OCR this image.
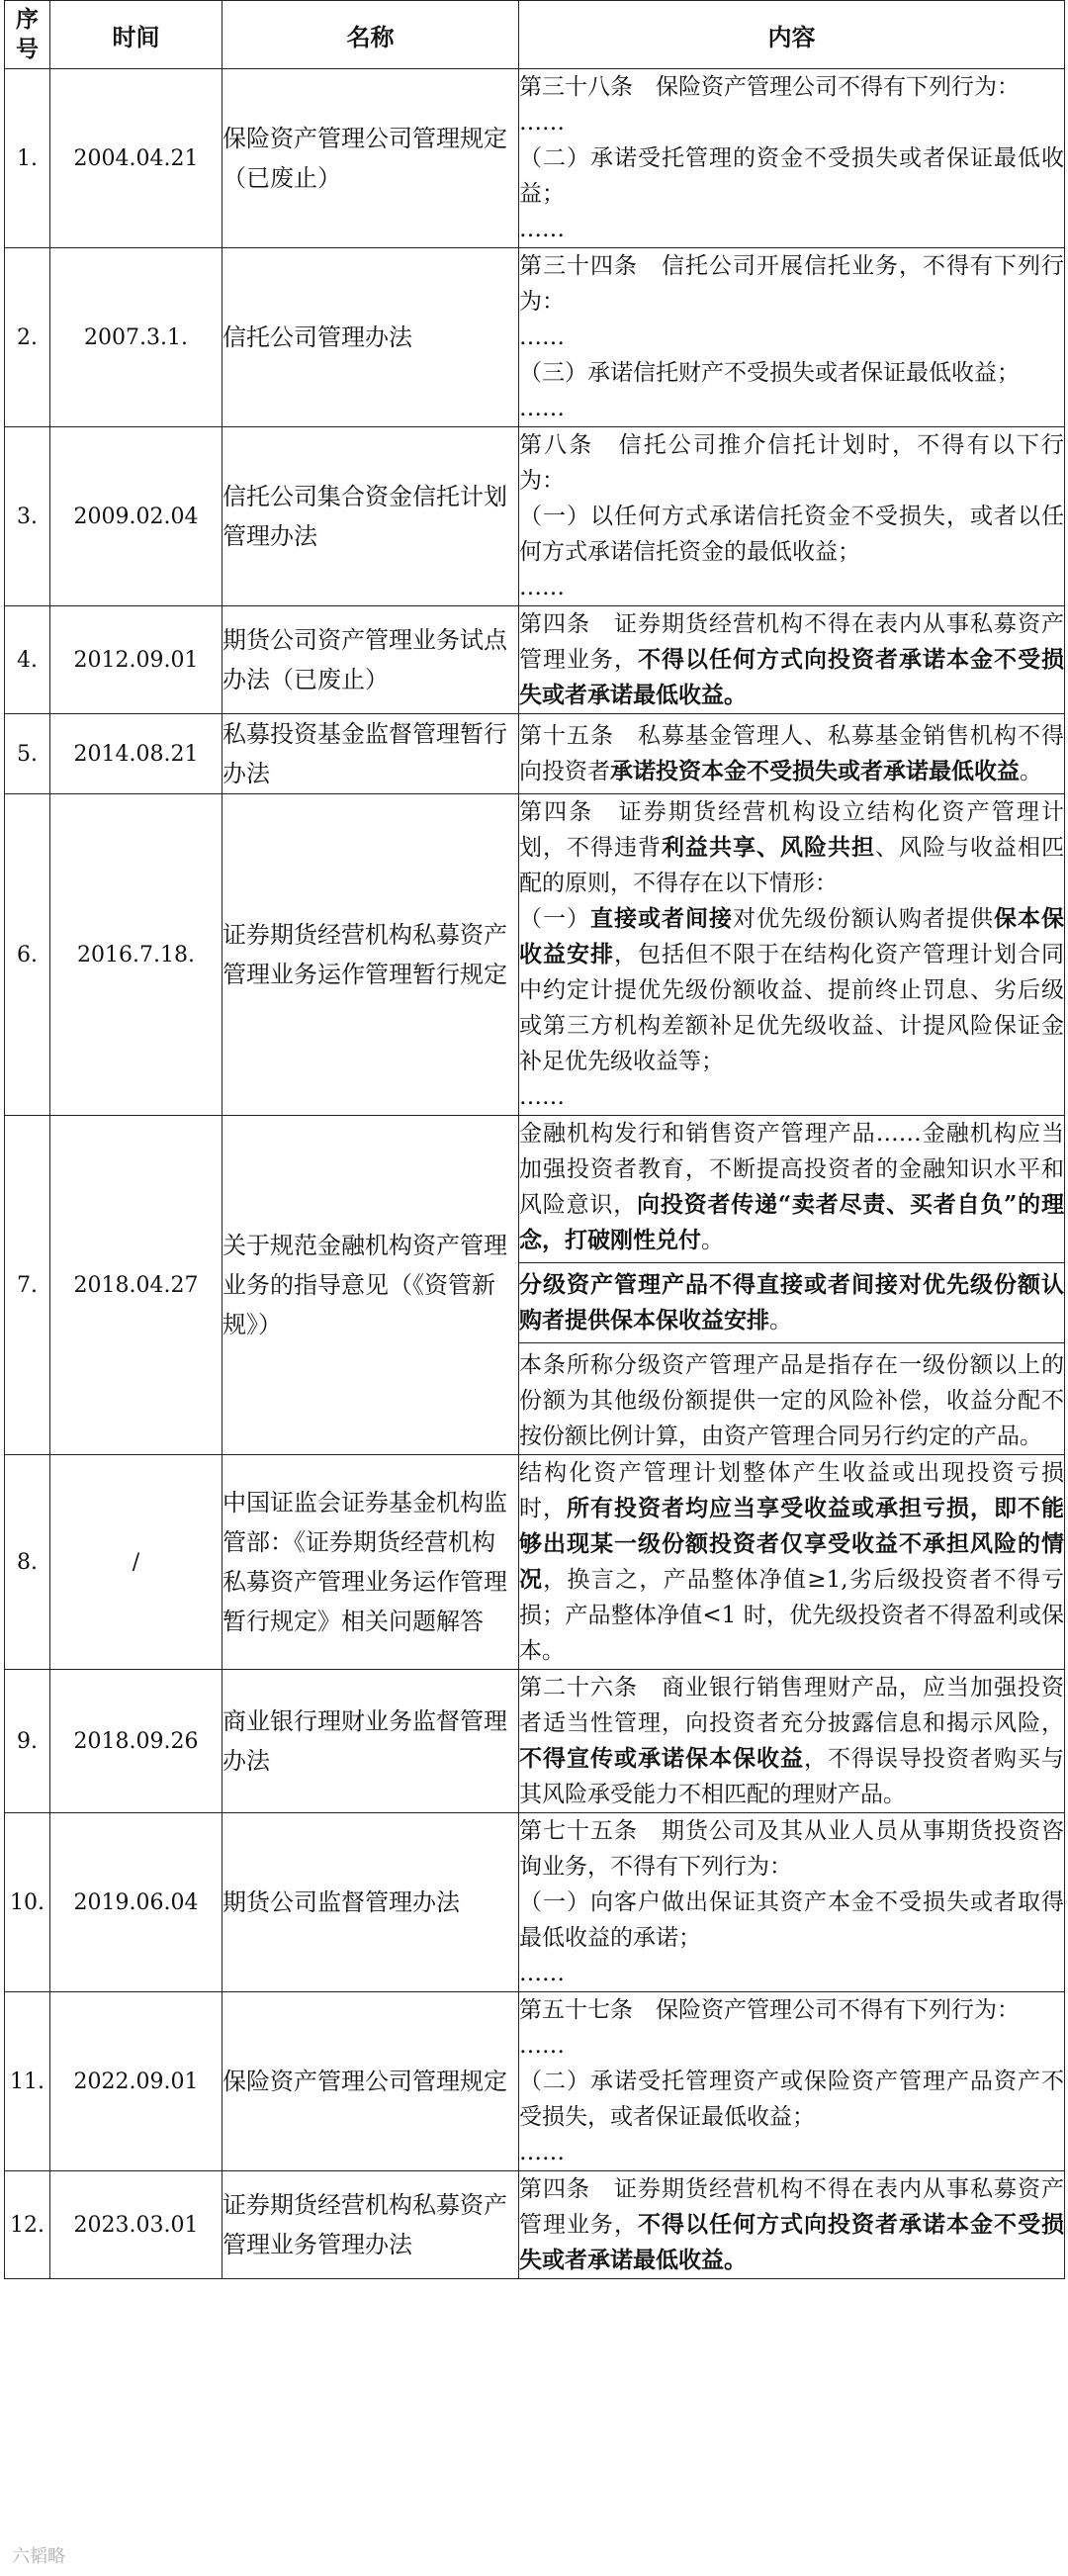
序号	时间	名称	内容
1.	2004.04.21	保险资产管理公司管理规定（已废止）	第三十八条　保险资产管理公司不得有下列行为：
……
（二）承诺受托管理的资金不受损失或者保证最低收益；
……

2.	2007.3.1.	信托公司管理办法	第三十四条　信托公司开展信托业务，不得有下列行为：
……
（三）承诺信托财产不受损失或者保证最低收益；
……

3.	2009.02.04	信托公司集合资金信托计划管理办法	第八条　信托公司推介信托计划时，不得有以下行为：
（一）以任何方式承诺信托资金不受损失，或者以任何方式承诺信托资金的最低收益；
……

4.	2012.09.01	期货公司资产管理业务试点办法（已废止）	第四条　证券期货经营机构不得在表内从事私募资产管理业务，不得以任何方式向投资者承诺本金不受损失或者承诺最低收益。

5.	2014.08.21	私募投资基金监督管理暂行办法	第十五条　私募基金管理人、私募基金销售机构不得向投资者承诺投资本金不受损失或者承诺最低收益。

6.	2016.7.18.	证券期货经营机构私募资产管理业务运作管理暂行规定	第四条　证券期货经营机构设立结构化资产管理计划，不得违背利益共享、风险共担、风险与收益相匹配的原则，不得存在以下情形：
（一）直接或者间接对优先级份额认购者提供保本保收益安排，包括但不限于在结构化资产管理计划合同中约定计提优先级份额收益、提前终止罚息、劣后级或第三方机构差额补足优先级收益、计提风险保证金补足优先级收益等；
……

7.	2018.04.27	关于规范金融机构资产管理业务的指导意见（《资管新规》）	金融机构发行和销售资产管理产品……金融机构应当加强投资者教育，不断提高投资者的金融知识水平和风险意识，向投资者传递“卖者尽责、买者自负”的理念，打破刚性兑付。
分级资产管理产品不得直接或者间接对优先级份额认购者提供保本保收益安排。
本条所称分级资产管理产品是指存在一级份额以上的份额为其他级份额提供一定的风险补偿，收益分配不按份额比例计算，由资产管理合同另行约定的产品。

8.	/	中国证监会证券基金机构监管部：《证券期货经营机构私募资产管理业务运作管理暂行规定》相关问题解答	结构化资产管理计划整体产生收益或出现投资亏损时，所有投资者均应当享受收益或承担亏损，即不能够出现某一级份额投资者仅享受收益不承担风险的情况，换言之，产品整体净值≥1,劣后级投资者不得亏损；产品整体净值<1 时，优先级投资者不得盈利或保本。

9.	2018.09.26	商业银行理财业务监督管理办法	第二十六条　商业银行销售理财产品，应当加强投资者适当性管理，向投资者充分披露信息和揭示风险，不得宣传或承诺保本保收益，不得误导投资者购买与其风险承受能力不相匹配的理财产品。

10.	2019.06.04	期货公司监督管理办法	第七十五条　期货公司及其从业人员从事期货投资咨询业务，不得有下列行为：
（一）向客户做出保证其资产本金不受损失或者取得最低收益的承诺；
……

11.	2022.09.01	保险资产管理公司管理规定	第五十七条　保险资产管理公司不得有下列行为：
……
（二）承诺受托管理资产或保险资产管理产品资产不受损失，或者保证最低收益；
……

12.	2023.03.01	证券期货经营机构私募资产管理业务管理办法	第四条　证券期货经营机构不得在表内从事私募资产管理业务，不得以任何方式向投资者承诺本金不受损失或者承诺最低收益。
六韬略
